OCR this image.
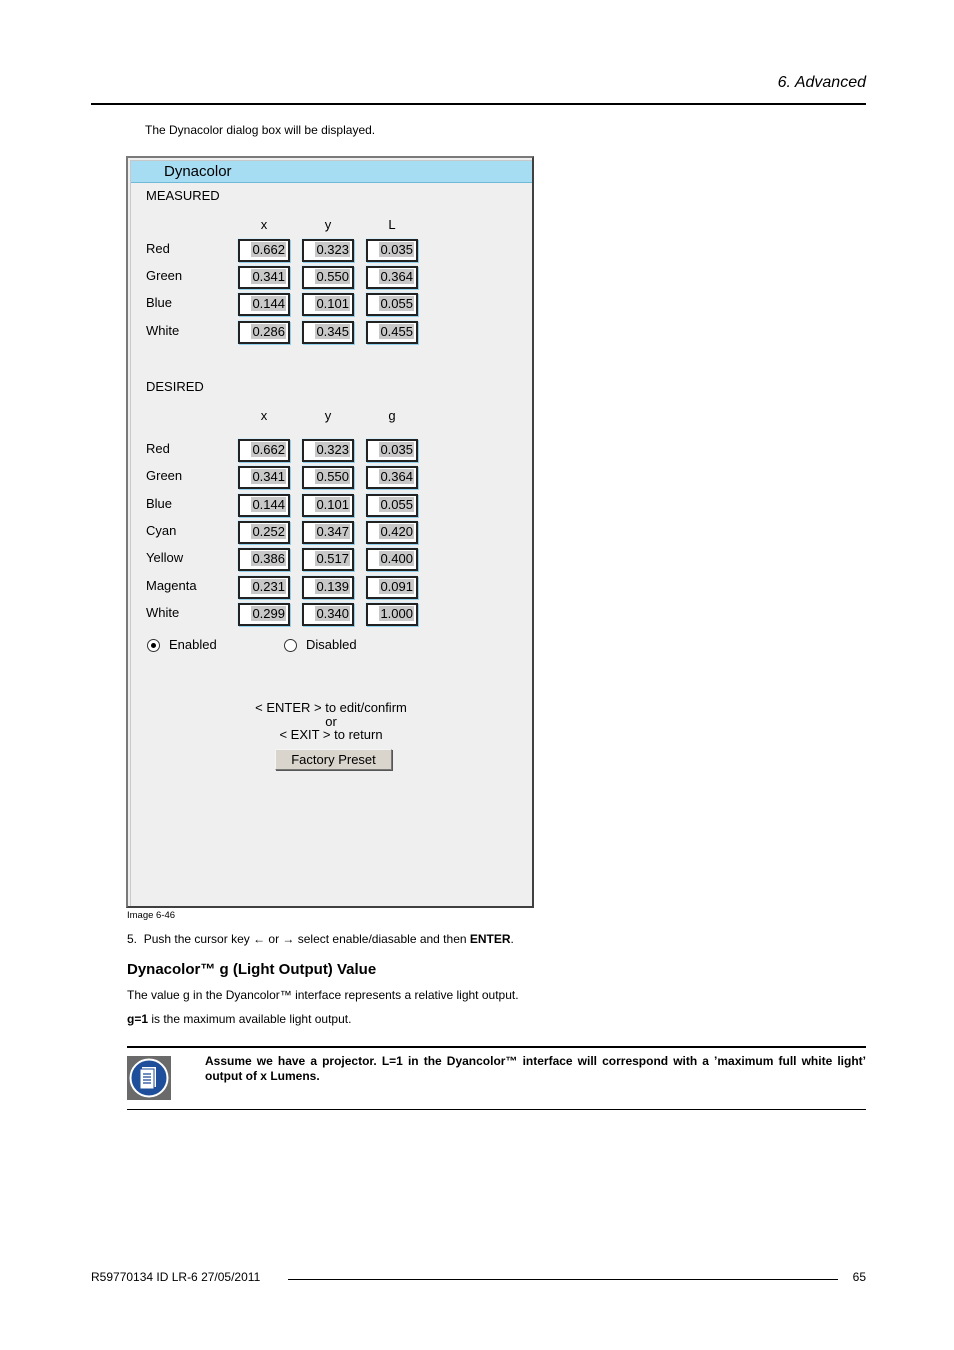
6. Advanced
The Dynacolor dialog box will be displayed.
Dynacolor
MEASURED
x	y	L
Red	0.662 0.323 0.035
Green	0.341 0.550 0.364
Blue	0.144 0.101 0.055
White	0.286 0.345 0.455
DESIRED
x	y	g
Red	0.662 0.323 0.035
Green	0.341 0.550 0.364
Blue	0.144 0.101 0.055
Cyan	0.252 0.347 0.420
Yellow	0.386 0.517 0.400
Magenta	0.231 0.139 0.091
White	0.299 0.340 1.000
Enabled	Disabled
< ENTER > to edit/confirm
or
< EXIT > to return
Factory Preset
Image 6-46
5. Push the cursor key ← or → select enable/diasable and then ENTER.
Dynacolor™ g (Light Output) Value
The value g in the Dyancolor™ interface represents a relative light output.
g=1 is the maximum available light output.
Assume we have a projector. L=1 in the Dyancolor™ interface will correspond with a ’maximum full white light’ output of x Lumens.
R59770134 ID LR-6 27/05/2011	65
